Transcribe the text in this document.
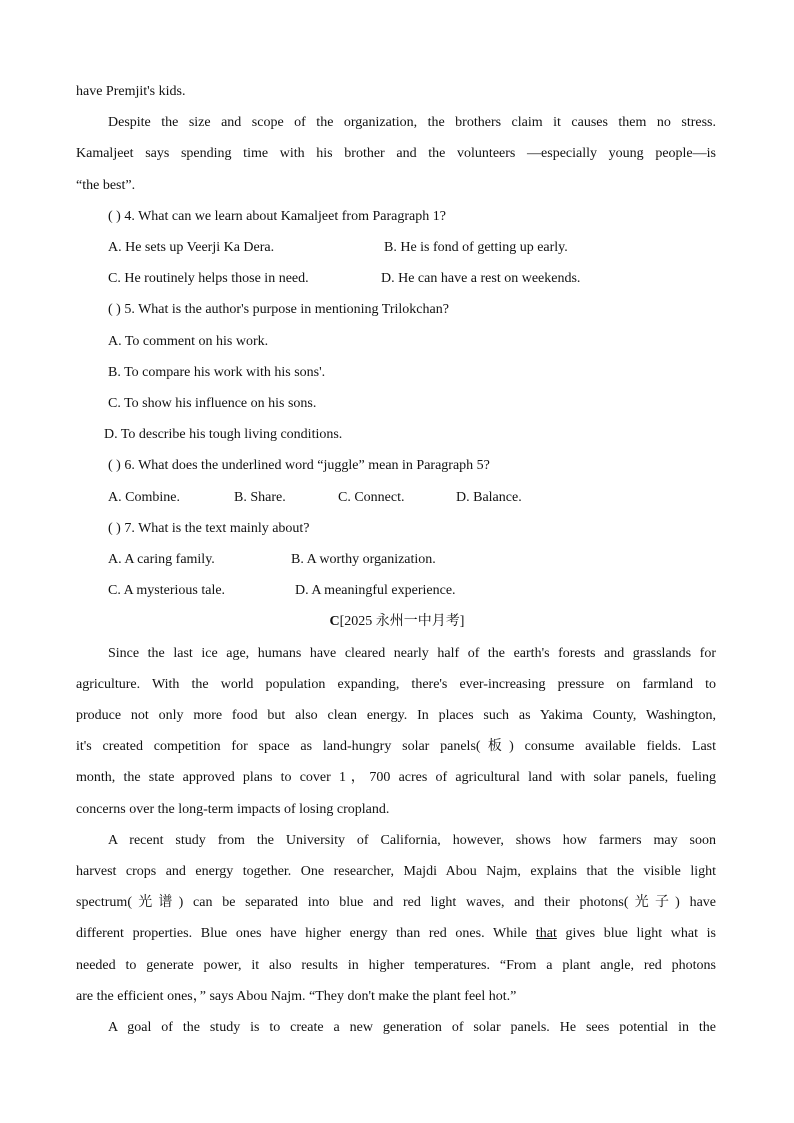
have Premjit's kids.
Despite the size and scope of the organization, the brothers claim it causes them no stress.
Kamaljeet says spending time with his brother and the volunteers —especially young people—is
“the best”.
( ) 4. What can we learn about Kamaljeet from Paragraph 1?
A. He sets up Veerji Ka Dera.	B. He is fond of getting up early.
C. He routinely helps those in need.	D. He can have a rest on weekends.
( ) 5. What is the author's purpose in mentioning Trilokchan?
A. To comment on his work.
B. To compare his work with his sons'.
C. To show his influence on his sons.
D. To describe his tough living conditions.
( ) 6. What does the underlined word “juggle” mean in Paragraph 5?
A. Combine.	B. Share.	C. Connect.	D. Balance.
( ) 7. What is the text mainly about?
A. A caring family.	B. A worthy organization.
C. A mysterious tale.	D. A meaningful experience.
C[2025 永州一中月考]
Since the last ice age, humans have cleared nearly half of the earth's forests and grasslands for
agriculture. With the world population expanding, there's ever-increasing pressure on farmland to
produce not only more food but also clean energy. In places such as Yakima County, Washington,
it's created competition for space as land-hungry solar panels(板) consume available fields. Last
month, the state approved plans to cover 1，700 acres of agricultural land with solar panels, fueling
concerns over the long-term impacts of losing cropland.
A recent study from the University of California, however, shows how farmers may soon
harvest crops and energy together. One researcher, Majdi Abou Najm, explains that the visible light
spectrum(光谱) can be separated into blue and red light waves, and their photons(光子) have
different properties. Blue ones have higher energy than red ones. While that gives blue light what is
needed to generate power, it also results in higher temperatures. “From a plant angle, red photons
are the efficient ones，” says Abou Najm. “They don't make the plant feel hot.”
A goal of the study is to create a new generation of solar panels. He sees potential in the
